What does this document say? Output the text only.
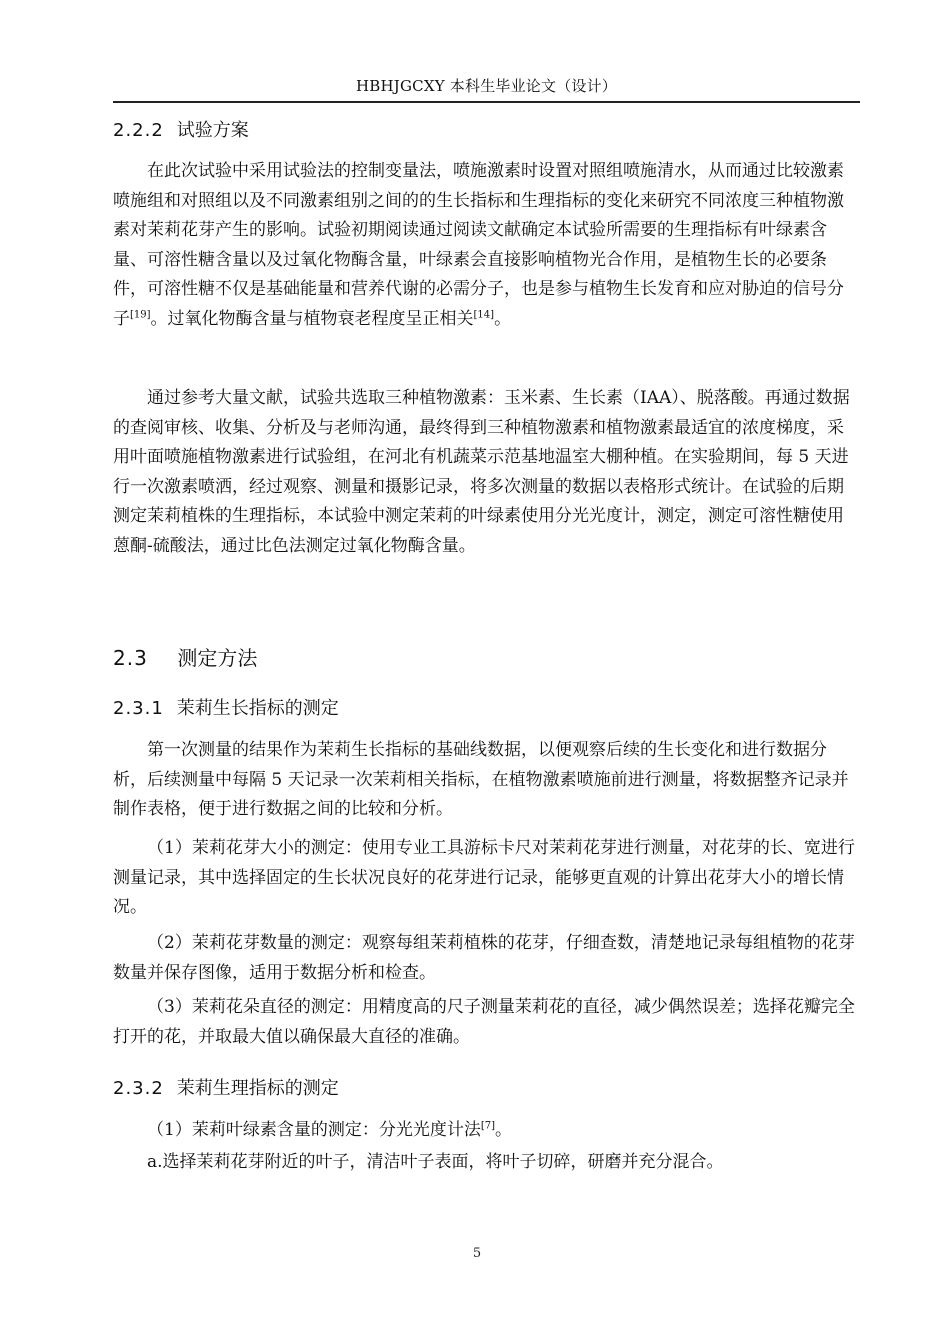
HBHJGCXY 本科生毕业论文（设计）
2.2.2 试验方案

在此次试验中采用试验法的控制变量法，喷施激素时设置对照组喷施清水，从而通过比较激素喷施组和对照组以及不同激素组别之间的的生长指标和生理指标的变化来研究不同浓度三种植物激素对茉莉花芽产生的影响。试验初期阅读通过阅读文献确定本试验所需要的生理指标有叶绿素含量、可溶性糖含量以及过氧化物酶含量，叶绿素会直接影响植物光合作用，是植物生长的必要条件，可溶性糖不仅是基础能量和营养代谢的必需分子，也是参与植物生长发育和应对胁迫的信号分子[19]。过氧化物酶含量与植物衰老程度呈正相关[14]。

通过参考大量文献，试验共选取三种植物激素：玉米素、生长素（IAA）、脱落酸。再通过数据的查阅审核、收集、分析及与老师沟通，最终得到三种植物激素和植物激素最适宜的浓度梯度，采用叶面喷施植物激素进行试验组，在河北有机蔬菜示范基地温室大棚种植。在实验期间，每 5 天进行一次激素喷洒，经过观察、测量和摄影记录，将多次测量的数据以表格形式统计。在试验的后期测定茉莉植株的生理指标，本试验中测定茉莉的叶绿素使用分光光度计，测定，测定可溶性糖使用蒽酮-硫酸法，通过比色法测定过氧化物酶含量。

2.3 测定方法
2.3.1 茉莉生长指标的测定

第一次测量的结果作为茉莉生长指标的基础线数据，以便观察后续的生长变化和进行数据分析，后续测量中每隔 5 天记录一次茉莉相关指标，在植物激素喷施前进行测量，将数据整齐记录并制作表格，便于进行数据之间的比较和分析。

（1）茉莉花芽大小的测定：使用专业工具游标卡尺对茉莉花芽进行测量，对花芽的长、宽进行测量记录，其中选择固定的生长状况良好的花芽进行记录，能够更直观的计算出花芽大小的增长情况。

（2）茉莉花芽数量的测定：观察每组茉莉植株的花芽，仔细查数，清楚地记录每组植物的花芽数量并保存图像，适用于数据分析和检查。

（3）茉莉花朵直径的测定：用精度高的尺子测量茉莉花的直径，减少偶然误差；选择花瓣完全打开的花，并取最大值以确保最大直径的准确。

2.3.2 茉莉生理指标的测定

（1）茉莉叶绿素含量的测定：分光光度计法[7]。

a.选择茉莉花芽附近的叶子，清洁叶子表面，将叶子切碎，研磨并充分混合。

5
